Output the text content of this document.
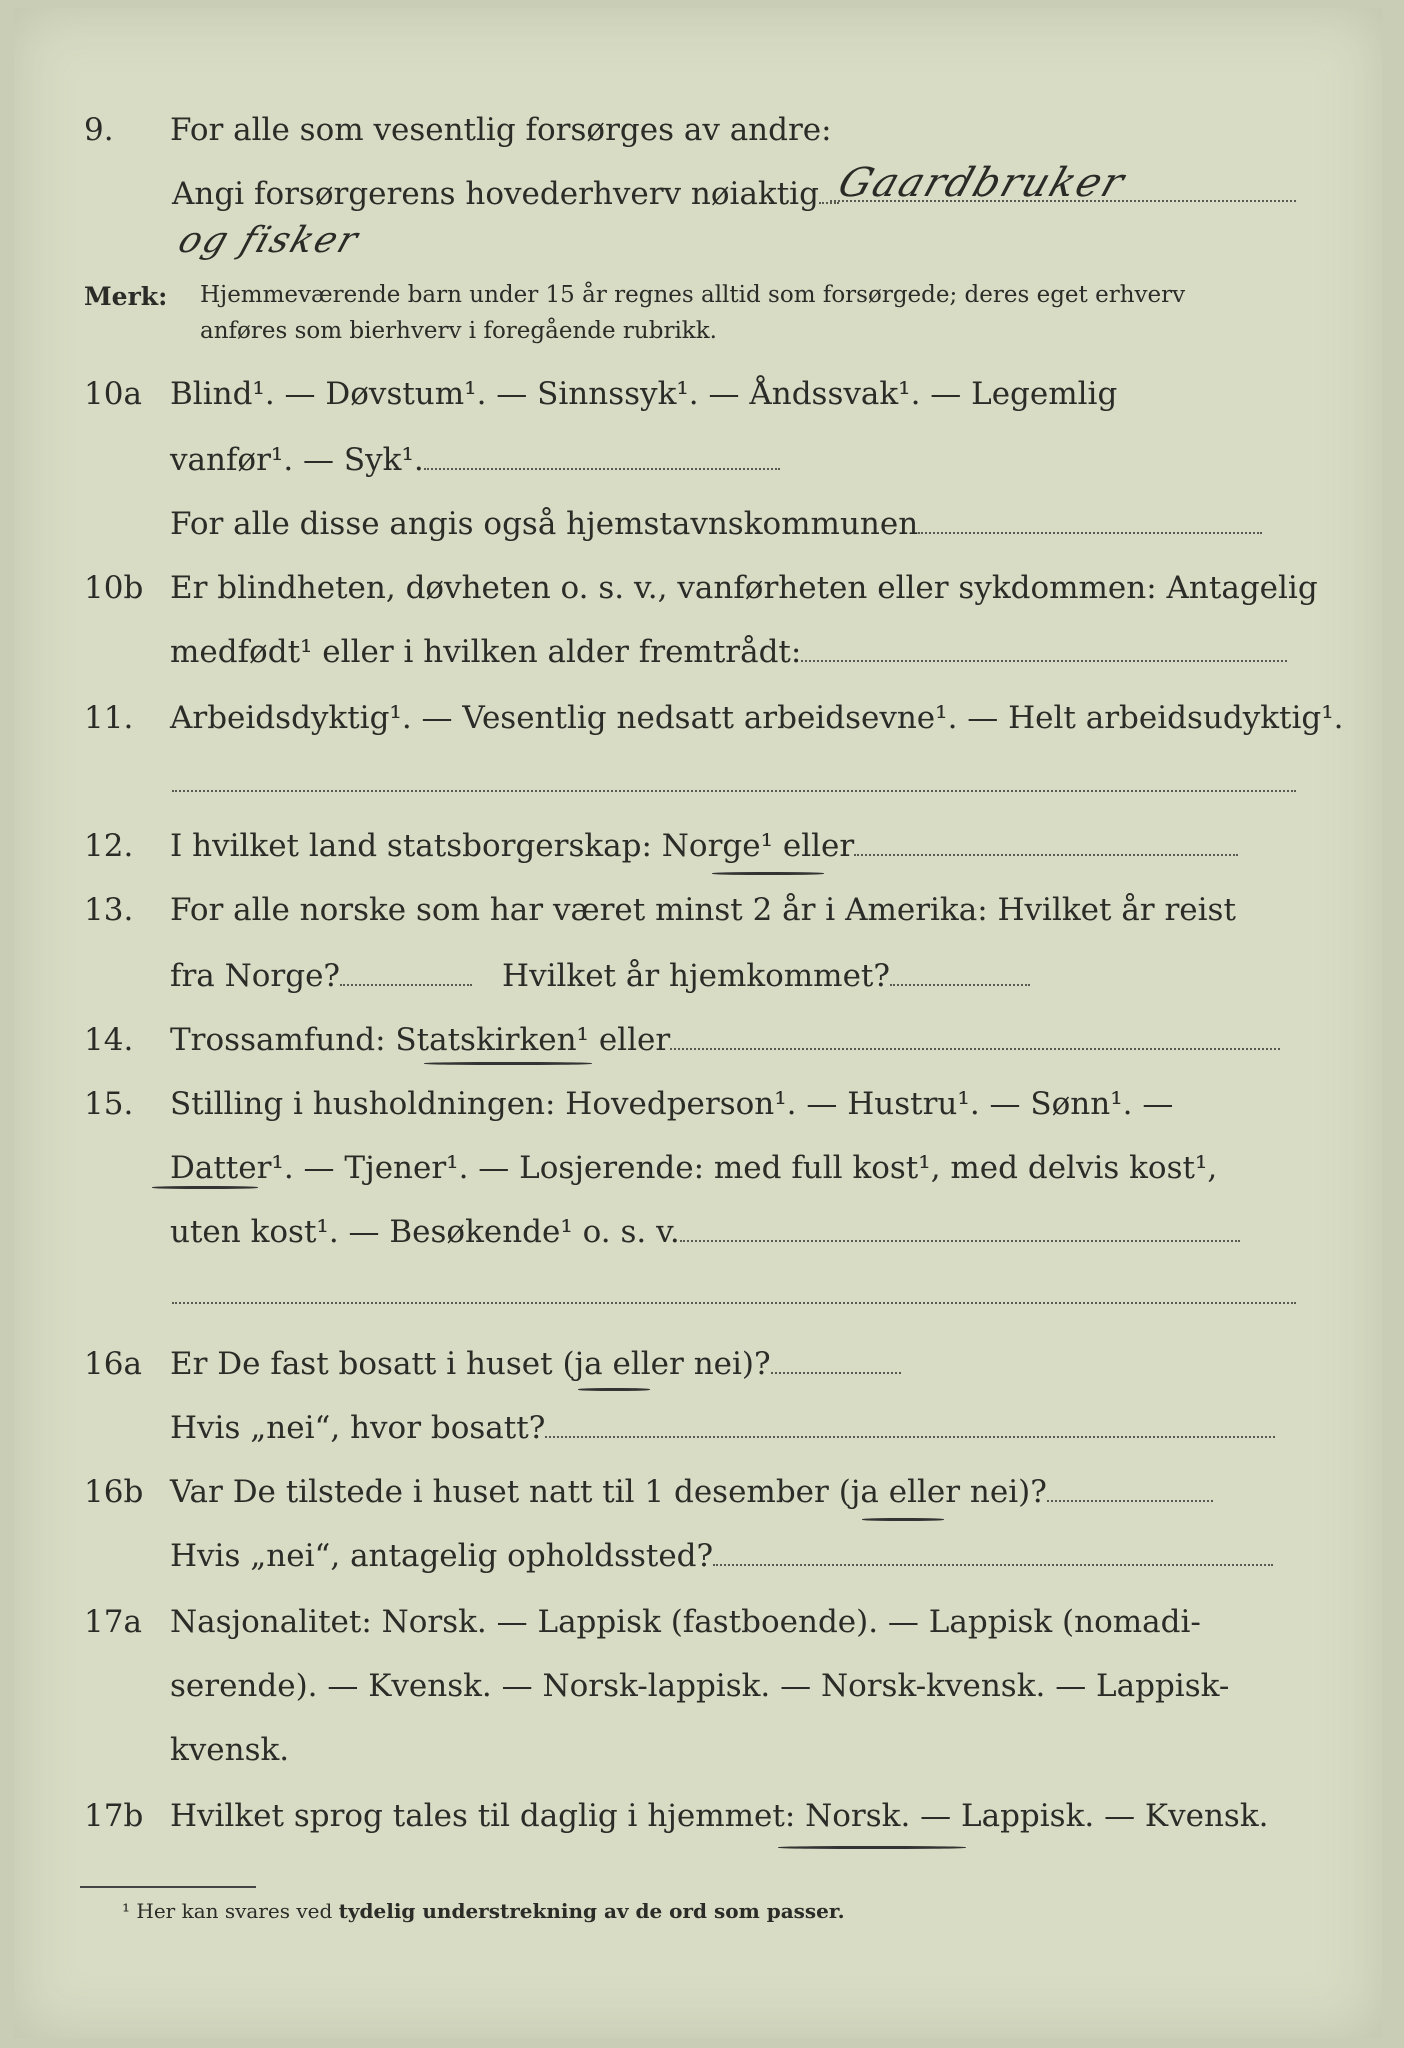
9. For alle som vesentlig forsørges av andre:
Angi forsørgerens hovederhverv nøiaktig Gaardbruker
og fisker
Merk: Hjemmeværende barn under 15 år regnes alltid som forsørgede; deres eget erhverv
anføres som bierhverv i foregående rubrikk.
10a Blind¹. — Døvstum¹. — Sinnssyk¹. — Åndssvak¹. — Legemlig
vanfør¹. — Syk¹.
For alle disse angis også hjemstavnskommunen
10b Er blindheten, døvheten o. s. v., vanførheten eller sykdommen: Antagelig
medfødt¹ eller i hvilken alder fremtrådt:
11. Arbeidsdyktig¹. — Vesentlig nedsatt arbeidsevne¹. — Helt arbeidsudyktig¹.
12. I hvilket land statsborgerskap: Norge¹ eller
13. For alle norske som har været minst 2 år i Amerika: Hvilket år reist
fra Norge?	Hvilket år hjemkommet?
14. Trossamfund: Statskirken¹ eller
15. Stilling i husholdningen: Hovedperson¹. — Hustru¹. — Sønn¹. —
Datter¹. — Tjener¹. — Losjerende: med full kost¹, med delvis kost¹,
uten kost¹. — Besøkende¹ o. s. v.
16a Er De fast bosatt i huset (ja eller nei)?
Hvis „nei“, hvor bosatt?
16b Var De tilstede i huset natt til 1 desember (ja eller nei)?
Hvis „nei“, antagelig opholdssted?
17a Nasjonalitet: Norsk. — Lappisk (fastboende). — Lappisk (nomadi-
serende). — Kvensk. — Norsk-lappisk. — Norsk-kvensk. — Lappisk-
kvensk.
17b Hvilket sprog tales til daglig i hjemmet: Norsk. — Lappisk. — Kvensk.
¹ Her kan svares ved tydelig understrekning av de ord som passer.
